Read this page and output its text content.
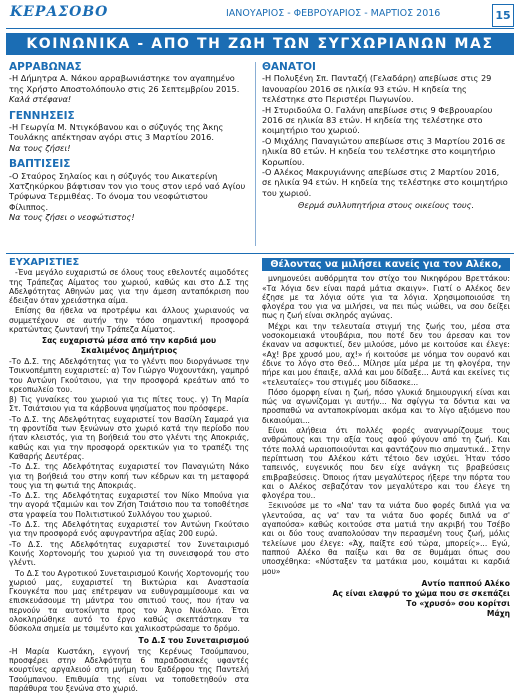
ΚΕΡΑΣΟΒΟ	ΙΑΝΟΥΑΡΙΟΣ - ΦΕΒΡΟΥΑΡΙΟΣ - ΜΑΡΤΙΟΣ 2016	15
ΚΟΙΝΩΝΙΚΑ - ΑΠΟ ΤΗ ΖΩΗ ΤΩΝ ΣΥΓΧΩΡΙΑΝΩΝ ΜΑΣ
ΑΡΡΑΒΩΝΑΣ

-Η Δήμητρα Α. Νάκου αρραβωνιάστηκε τον αγαπημένο της Χρήστο Αποστολόπουλο στις 26 Σεπτεμβρίου 2015.

Καλά στέφανα!

ΓΕΝΝΗΣΕΙΣ

-Η Γεωργία Μ. Ντιγκόβανου και ο σύζυγός της Άκης Τουλάκης απέκτησαν αγόρι στις 3 Μαρτίου 2016.

Να τους ζήσει!

ΒΑΠΤΙΣΕΙΣ

-Ο Σταύρος Σηλαίος και η σύζυγός του Αικατερίνη Χατζηκύρκου βάφτισαν τον γιο τους στον ιερό ναό Αγίου Τρύφωνα Τερμιθέας. Το όνομα του νεοφώτιστου Φίλιππος.

Να τους ζήσει ο νεοφώτιστος!

ΘΑΝΑΤΟΙ

-Η Πολυξένη Σπ. Πανταζή (Γελαδάρη) απεβίωσε στις 29 Ιανουαρίου 2016 σε ηλικία 93 ετών. Η κηδεία της τελέστηκε στο Περιστέρι Πωγωνίου.

-Η Στυριδούλα Ο. Γαλάνη απεβίωσε στις 9 Φεβρουαρίου 2016 σε ηλικία 83 ετών. Η κηδεία της τελέστηκε στο κοιμητήριο του χωριού.

-Ο Μιχάλης Παναγιώτου απεβίωσε στις 3 Μαρτίου 2016 σε ηλικία 80 ετών. Η κηδεία του τελέστηκε στο κοιμητήριο Κορωπίου.

-Ο Αλέκος Μακρυγιάννης απεβίωσε στις 2 Μαρτίου 2016, σε ηλικία 94 ετών. Η κηδεία της τελέστηκε στο κοιμητήριο του χωριού.

Θερμά συλλυπητήρια στους οικείους τους.

ΕΥΧΑΡΙΣΤΙΕΣ

-Ένα μεγάλο ευχαριστώ σε όλους τους εθελοντές αιμοδότες της Τράπεζας Αίματος του χωριού, καθώς και στο Δ.Σ της Αδελφότητας Αθηνών μας για την άμεση ανταπόκριση που έδειξαν όταν χρειάστηκα αίμα.

Επίσης θα ήθελα να προτρέψω και άλλους χωριανούς να συμμετέχουν σε αυτήν την τόσο σημαντική προσφορά κρατώντας ζωντανή την Τράπεζα Αίματος.

Σας ευχαριστώ μέσα από την καρδιά μου
Σκαλιμένος Δημήτριος

-Το Δ.Σ. της Αδελφότητας για το γλέντι που διοργάνωσε την Τσικνοπέμπτη ευχαριστεί: α) Τον Γιώργο Ψυχουντάκη, γαμπρό του Αντώνη Γκούτσιου, για την προσφορά κρεάτων από το κρεοπωλείο του.

β) Τις γυναίκες του χωριού για τις πίτες τους. γ) Τη Μαρία Στ. Τσιάτσιου για τα κάρβουνα ψησίματος που πρόσφερε.

-Το Δ.Σ. της Αδελφότητας ευχαριστεί τον Βασίλη Σαμαρά για τη φροντίδα των ξενώνων στο χωριό κατά την περίοδο που ήταν κλειστός, για τη βοήθειά του στο γλέντι της Αποκριάς, καθώς και για την προσφορά ορεκτικών για το τραπέζι της Καθαρής Δευτέρας.

-Το Δ.Σ. της Αδελφότητας ευχαριστεί τον Παναγιώτη Νάκο για τη βοήθειά του στην κοπή των κέδρων και τη μεταφορά τους για τη φωτιά της Αποκριάς.

-Το Δ.Σ. της Αδελφότητας ευχαριστεί τον Νίκο Μπούνα για την αγορά τζαμιών και τον Ζήση Τσιάτσιο που τα τοποθέτησε στα γραφεία του Πολιτιστικού Συλλόγου του χωριού.

-Το Δ.Σ. της Αδελφότητας ευχαριστεί τον Αντώνη Γκούτσιο για την προσφορά ενός αφυγραντήρα αξίας 200 ευρώ.

-Το Δ.Σ. της Αδελφότητας ευχαριστεί τον Συνεταιρισμό Κοινής Χορτονομής του χωριού για τη συνεισφορά του στο γλέντι.

Το Δ.Σ του Αγροτικού Συνεταιρισμού Κοινής Χορτονομής του χωριού μας, ευχαριστεί τη Βικτώρια και Αναστασία Γκουγκέτα που μας επέτρεψαν να ευθυγραμμίσουμε και να επισκευάσουμε τη μάντρα του σπιτιού τους, που ήταν να περνούν τα αυτοκίνητα προς τον Άγιο Νικόλαο. Έτσι ολοκληρώθηκε αυτό το έργο καθώς σκεπτάστηκαν τα δύσκολα σημεία με τσιμέντο και χαλικοστρώσαμε το δρόμο.

Το Δ.Σ του Συνεταιρισμού

-Η Μαρία Κωστάκη, εγγονή της Κερένως Τσούμπανου, προσφέρει στην Αδελφότητα 6 παραδοσιακές υφαντές κουρτίνες αργαλειού στη μνήμη του ξαδέρφου της Παντελή Τσούμπανου. Επιθυμία της είναι να τοποθετηθούν στα παράθυρα του ξενώνα στο χωριό.

Θέλοντας να μιλήσει κανείς για τον Αλέκο,

μνημονεύει αυθόρμητα τον στίχο του Νικηφόρου Βρεττάκου: «Τα λόγια δεν είναι παρά μάτια σκαιγν». Γιατί ο Αλέκος δεν έζησε με τα λόγια ούτε για τα λόγια. Χρησιμοποιούσε τη φλογέρα του για να μιλήσει, να πει πώς νιώθει, να σου δείξει πως η ζωή είναι σκληρός αγώνας.

Μέχρι και την τελευταία στιγμή της ζωής του, μέσα στα νοσοκομειακά ντουβάρια, που ποτέ δεν του άρεσαν και τον έκαναν να ασφυκτιεί, δεν μιλούσε, μόνο με κοιτούσε και έλεγε: «Αχ! βρε χρυσό μου, αχ!» ή κοιτούσε με νόημα τον ουρανό και έδινε το λόγο στο Θεό... Μίλησε μία μέρα με τη φλογέρα, την πήρε και μου έπαιξε, αλλά και μου δίδαξε... Αυτά και εκείνες τις «τελευταίες» του στιγμές μου δίδασκε...

Πόσο όμορφη είναι η ζωή, πόσο γλυκιά δημιουργική είναι και πώς να αγωνίζομαι γι αυτήν... Να σφίγγω τα δόντια και να προσπαθώ να ανταποκρίνομαι ακόμα και το λίγο αξιόμενο που δικαιούμαι...

Είναι αλήθεια ότι πολλές φορές αναγνωρίζουμε τους ανθρώπους και την αξία τους αφού φύγουν από τη ζωή. Και τότε πολλά ωραιοποιούνται και φαντάζουν πιο σημαντικά.. Στην περίπτωση του Αλέκου κάτι τέτοιο δεν ισχύει. Ήταν τόσο ταπεινός, ευγενικός που δεν είχε ανάγκη τις βραβεύσεις επιβραβεύσεις. Όποιος ήταν μεγαλύτερος ήξερε την πόρτα του και ο Αλέκος σεβαζόταν τον μεγαλύτερο και του έλεγε τη φλογέρα του..

Ξεκινούσε με το «Να' ταν τα νιάτα δυο φορές διπλά για να γλεντούσα, ας να' ταν τα νιάτα δυο φορές διπλά να σ' αγαπούσα» καθώς κοιτούσε στα ματιά την ακριβή του Τσέβο και οι δύο τους αναπολούσαν την περασμένη τους ζωή, μόλις τελείωνε μου έλεγε: «Άχ, παίξτε εσύ τώρα, μπορείς»... Εγώ, παππού Αλέκο θα παίξω και θα σε θυμάμαι όπως σου υποσχέθηκα: «Νύσταξεν τα ματάκια μου, κοιμάται κι καρδιά μου»

Αντίο παππού Αλέκο
Ας είναι ελαφρύ το χώμα που σε σκεπάζει
Το «χρυσό» σου κορίτσι
Μάχη
